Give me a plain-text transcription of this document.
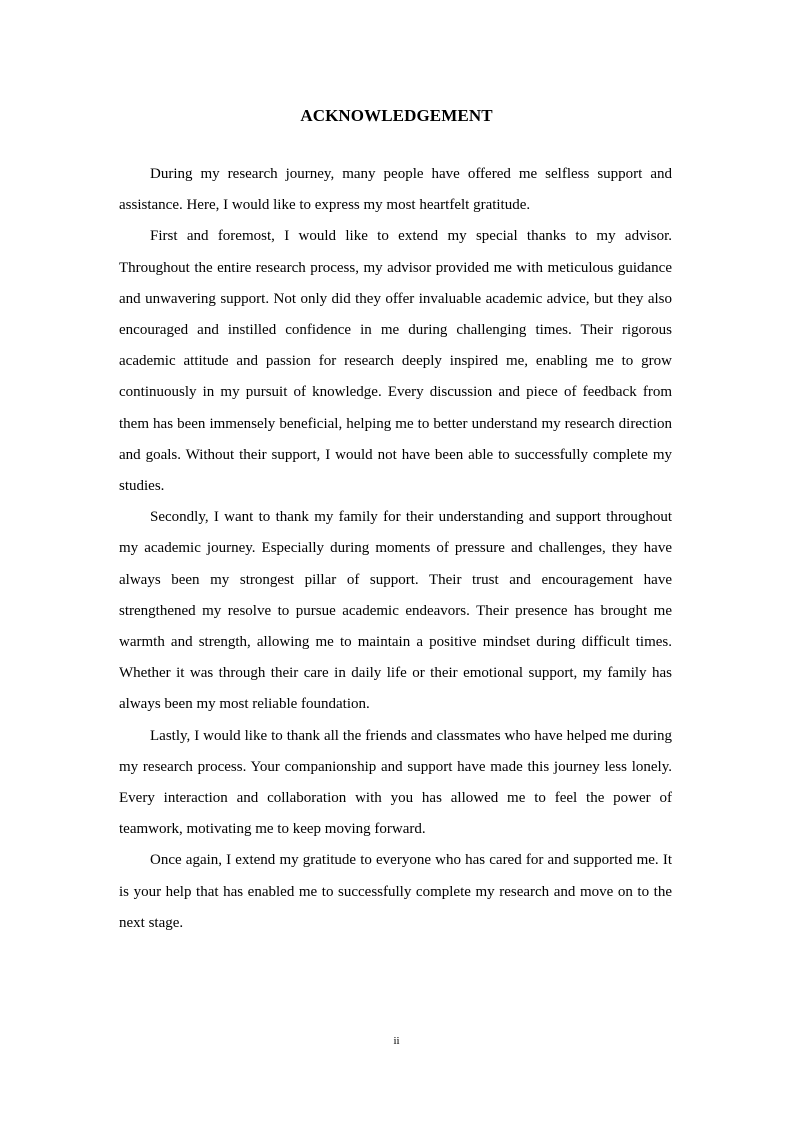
ACKNOWLEDGEMENT

During my research journey, many people have offered me selfless support and assistance. Here, I would like to express my most heartfelt gratitude.

First and foremost, I would like to extend my special thanks to my advisor. Throughout the entire research process, my advisor provided me with meticulous guidance and unwavering support. Not only did they offer invaluable academic advice, but they also encouraged and instilled confidence in me during challenging times. Their rigorous academic attitude and passion for research deeply inspired me, enabling me to grow continuously in my pursuit of knowledge. Every discussion and piece of feedback from them has been immensely beneficial, helping me to better understand my research direction and goals. Without their support, I would not have been able to successfully complete my studies.

Secondly, I want to thank my family for their understanding and support throughout my academic journey. Especially during moments of pressure and challenges, they have always been my strongest pillar of support. Their trust and encouragement have strengthened my resolve to pursue academic endeavors. Their presence has brought me warmth and strength, allowing me to maintain a positive mindset during difficult times. Whether it was through their care in daily life or their emotional support, my family has always been my most reliable foundation.

Lastly, I would like to thank all the friends and classmates who have helped me during my research process. Your companionship and support have made this journey less lonely. Every interaction and collaboration with you has allowed me to feel the power of teamwork, motivating me to keep moving forward.

Once again, I extend my gratitude to everyone who has cared for and supported me. It is your help that has enabled me to successfully complete my research and move on to the next stage.

ii
